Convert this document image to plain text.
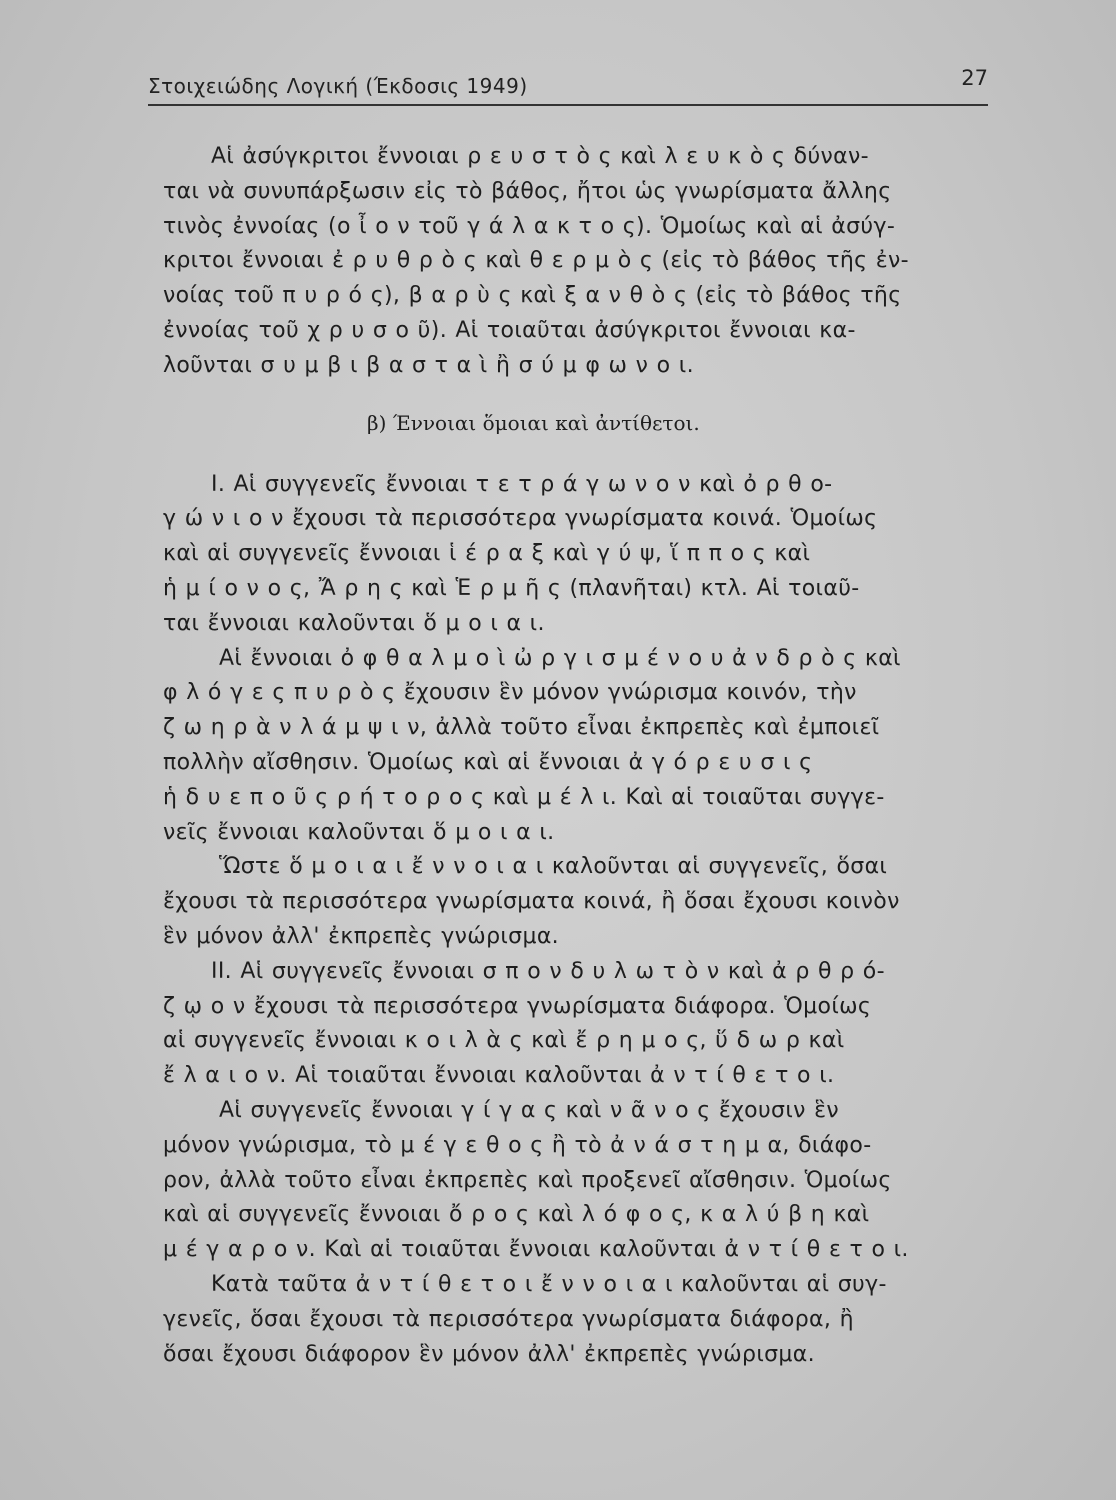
Στοιχειώδης Λογική (Έκδοσις 1949)	27
Αἱ ἀσύγκριτοι ἔννοιαι ρ ε υ σ τ ὸ ς καὶ λ ε υ κ ὸ ς δύναν-
ται νὰ συνυπάρξωσιν εἰς τὸ βάθος, ἤτοι ὡς γνωρίσματα ἄλλης
τινὸς ἐννοίας (ο ἶ ο ν τοῦ γ ά λ α κ τ ο ς). Ὁμοίως καὶ αἱ ἀσύγ-
κριτοι ἔννοιαι ἐ ρ υ θ ρ ὸ ς καὶ θ ε ρ μ ὸ ς (εἰς τὸ βάθος τῆς ἐν-
νοίας τοῦ π υ ρ ό ς), β α ρ ὺ ς καὶ ξ α ν θ ὸ ς (εἰς τὸ βάθος τῆς
ἐννοίας τοῦ χ ρ υ σ ο ῦ). Αἱ τοιαῦται ἀσύγκριτοι ἔννοιαι κα-
λοῦνται σ υ μ β ι β α σ τ α ὶ ἢ σ ύ μ φ ω ν ο ι.
β) Έννοιαι ὅμοιαι καὶ ἀντίθετοι.
Ι. Αἱ συγγενεῖς ἔννοιαι τ ε τ ρ ά γ ω ν ο ν καὶ ὀ ρ θ ο-
γ ώ ν ι ο ν ἔχουσι τὰ περισσότερα γνωρίσματα κοινά. Ὁμοίως
καὶ αἱ συγγενεῖς ἔννοιαι ἱ έ ρ α ξ καὶ γ ύ ψ, ἵ π π ο ς καὶ
ἡ μ ί ο ν ο ς, Ἄ ρ η ς καὶ Ἑ ρ μ ῆ ς (πλανῆται) κτλ. Αἱ τοιαῦ-
ται ἔννοιαι καλοῦνται ὅ μ ο ι α ι.
Αἱ ἔννοιαι ὀ φ θ α λ μ ο ὶ ὠ ρ γ ι σ μ έ ν ο υ ἀ ν δ ρ ὸ ς καὶ
φ λ ό γ ε ς π υ ρ ὸ ς ἔχουσιν ἓν μόνον γνώρισμα κοινόν, τὴν
ζ ω η ρ ὰ ν λ ά μ ψ ι ν, ἀλλὰ τοῦτο εἶναι ἐκπρεπὲς καὶ ἐμποιεῖ
πολλὴν αἴσθησιν. Ὁμοίως καὶ αἱ ἔννοιαι ἀ γ ό ρ ε υ σ ι ς
ἡ δ υ ε π ο ῦ ς ρ ή τ ο ρ ο ς καὶ μ έ λ ι. Καὶ αἱ τοιαῦται συγγε-
νεῖς ἔννοιαι καλοῦνται ὅ μ ο ι α ι.
Ὥστε ὅ μ ο ι α ι ἔ ν ν ο ι α ι καλοῦνται αἱ συγγενεῖς, ὅσαι
ἔχουσι τὰ περισσότερα γνωρίσματα κοινά, ἢ ὅσαι ἔχουσι κοινὸν
ἓν μόνον ἀλλ' ἐκπρεπὲς γνώρισμα.
ΙΙ. Αἱ συγγενεῖς ἔννοιαι σ π ο ν δ υ λ ω τ ὸ ν καὶ ἀ ρ θ ρ ό-
ζ ῳ ο ν ἔχουσι τὰ περισσότερα γνωρίσματα διάφορα. Ὁμοίως
αἱ συγγενεῖς ἔννοιαι κ ο ι λ ὰ ς καὶ ἔ ρ η μ ο ς, ὕ δ ω ρ καὶ
ἔ λ α ι ο ν. Αἱ τοιαῦται ἔννοιαι καλοῦνται ἀ ν τ ί θ ε τ ο ι.
Αἱ συγγενεῖς ἔννοιαι γ ί γ α ς καὶ ν ᾶ ν ο ς ἔχουσιν ἓν
μόνον γνώρισμα, τὸ μ έ γ ε θ ο ς ἢ τὸ ἀ ν ά σ τ η μ α, διάφο-
ρον, ἀλλὰ τοῦτο εἶναι ἐκπρεπὲς καὶ προξενεῖ αἴσθησιν. Ὁμοίως
καὶ αἱ συγγενεῖς ἔννοιαι ὄ ρ ο ς καὶ λ ό φ ο ς, κ α λ ύ β η καὶ
μ έ γ α ρ ο ν. Καὶ αἱ τοιαῦται ἔννοιαι καλοῦνται ἀ ν τ ί θ ε τ ο ι.
Κατὰ ταῦτα ἀ ν τ ί θ ε τ ο ι ἔ ν ν ο ι α ι καλοῦνται αἱ συγ-
γενεῖς, ὅσαι ἔχουσι τὰ περισσότερα γνωρίσματα διάφορα, ἢ
ὅσαι ἔχουσι διάφορον ἓν μόνον ἀλλ' ἐκπρεπὲς γνώρισμα.
